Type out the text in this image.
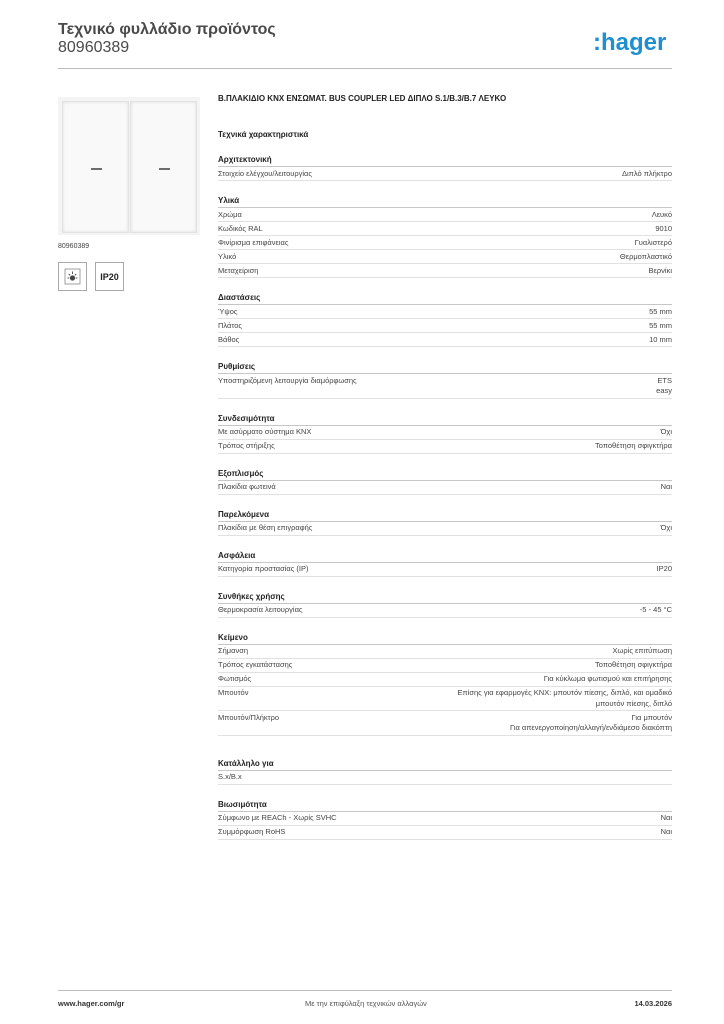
Τεχνικό φυλλάδιο προϊόντος
80960389	:hager
80960389
IP20
Β.ΠΛΑΚΙΔΙΟ KNX ΕΝΣΩΜΑΤ. BUS COUPLER LED ΔΙΠΛΟ S.1/B.3/B.7 ΛΕΥΚΟ
Τεχνικά χαρακτηριστικά
Αρχιτεκτονική
Στοιχείο ελέγχου/λειτουργίας	Διπλό πλήκτρο
Υλικά
Χρώμα	Λευκό
Κωδικός RAL	9010
Φινίρισμα επιφάνειας	Γυαλιστερό
Υλικό	Θερμοπλαστικό
Μεταχείριση	Βερνίκι
Διαστάσεις
Ύψος	55 mm
Πλάτος	55 mm
Βάθος	10 mm
Ρυθμίσεις
Υποστηριζόμενη λειτουργία διαμόρφωσης	ETS
easy
Συνδεσιμότητα
Με ασύρματο σύστημα KNX	Όχι
Τρόπος στήριξης	Τοποθέτηση σφιγκτήρα
Εξοπλισμός
Πλακίδια φωτεινά	Ναι
Παρελκόμενα
Πλακίδια με θέση επιγραφής	Όχι
Ασφάλεια
Κατηγορία προστασίας (IP)	IP20
Συνθήκες χρήσης
Θερμοκρασία λειτουργίας	-5 - 45 °C
Κείμενο
Σήμανση	Χωρίς επιτύπωση
Τρόπος εγκατάστασης	Τοποθέτηση σφιγκτήρα
Φωτισμός	Για κύκλωμα φωτισμού και επιτήρησης
Μπουτόν	Επίσης για εφαρμογές KNX: μπουτόν πίεσης, διπλό, και ομαδικό
μπουτόν πίεσης, διπλό
Μπουτόν/Πλήκτρο	Για μπουτόν
Για απενεργοποίηση/αλλαγή/ενδιάμεσο διακόπτη
Κατάλληλο για
S.x/B.x
Βιωσιμότητα
Σύμφωνο με REACh - Χωρίς SVHC	Ναι
Συμμόρφωση RoHS	Ναι
www.hager.com/gr	Με την επιφύλαξη τεχνικών αλλαγών	14.03.2026
